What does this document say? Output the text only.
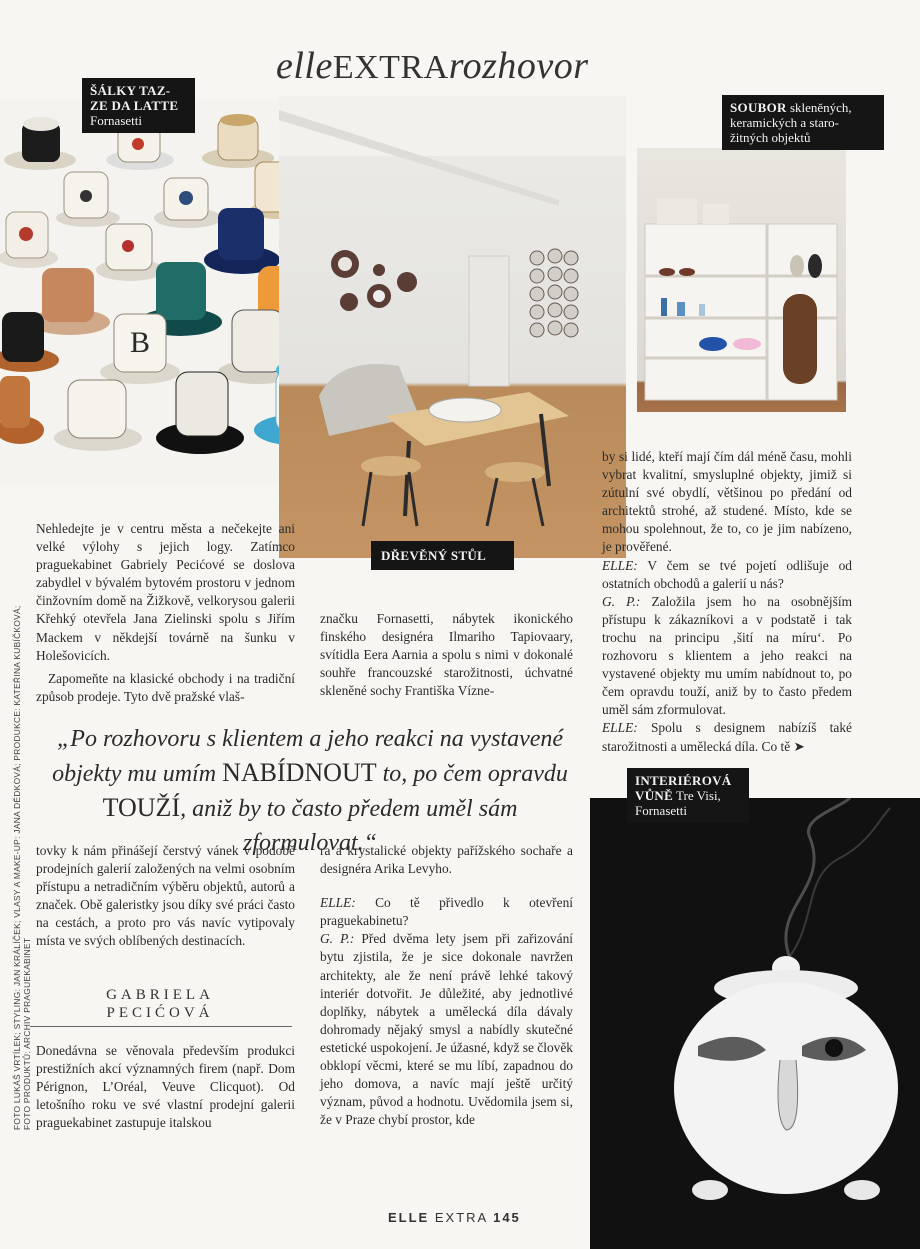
elleEXTRArozhovor
B
ŠÁLKY TAZ-
ZE DA LATTE
Fornasetti
SOUBOR skleněných,
keramických a staro-
žitných objektů
DŘEVĚNÝ STŮL
INTERIÉROVÁ
VŮNĚ Tre Visi,
Fornasetti

Nehledejte je v centru města a nečekejte ani velké výlohy s jejich logy. Zatímco praguekabinet Gabriely Pecićové se doslova zabydlel v bývalém bytovém prostoru v jednom činžovním domě na Žižkově, velkorysou galerii Křehký otevřela Jana Zielinski spolu s Jiřím Mackem v někdejší továrně na šunku v Holešovicích.

Zapomeňte na klasické obchody i na tradiční způsob prodeje. Tyto dvě pražské vlaš-

značku Fornasetti, nábytek ikonického finského designéra Ilmariho Tapiovaary, svítidla Eera Aarnia a spolu s nimi v dokonalé souhře francouzské starožitnosti, úchvatné skleněné sochy Františka Vízne-

by si lidé, kteří mají čím dál méně času, mohli vybrat kvalitní, smysluplné objekty, jimiž si zútulní své obydlí, většinou po předání od architektů strohé, až studené. Místo, kde se mohou spolehnout, že to, co je jim nabízeno, je prověřené.

ELLE: V čem se tvé pojetí odlišuje od ostatních obchodů a galerií u nás?

G. P.: Založila jsem ho na osobnějším přístupu k zákazníkovi a v podstatě i tak trochu na principu ‚šití na míru‘. Po rozhovoru s klientem a jeho reakci na vystavené objekty mu umím nabídnout to, po čem opravdu touží, aniž by to často předem uměl sám zformulovat.

ELLE: Spolu s designem nabízíš také starožitnosti a umělecká díla. Co tě ➤

„Po rozhovoru s klientem a jeho reakci na vystavené
objekty mu umím NABÍDNOUT to, po čem opravdu
TOUŽÍ, aniž by to často předem uměl sám zformulovat.“

tovky k nám přinášejí čerstvý vánek v podobě prodejních galerií založených na velmi osobním přístupu a netradičním výběru objektů, autorů a značek. Obě galeristky jsou díky své práci často na cestách, a proto pro vás navíc vytipovaly místa ve svých oblíbených destinacích.

GABRIELA
PECIĆOVÁ

Donedávna se věnovala především produkci prestižních akcí významných firem (např. Dom Pérignon, L’Oréal, Veuve Clicquot). Od letošního roku ve své vlastní prodejní galerii praguekabinet zastupuje italskou

ra a krystalické objekty pařížského sochaře a designéra Arika Levyho.

ELLE: Co tě přivedlo k otevření praguekabinetu?

G. P.: Před dvěma lety jsem při zařizování bytu zjistila, že je sice dokonale navržen architekty, ale že není právě lehké takový interiér dotvořit. Je důležité, aby jednotlivé doplňky, nábytek a umělecká díla dávaly dohromady nějaký smysl a nabídly skutečné estetické uspokojení. Je úžasné, když se člověk obklopí věcmi, které se mu líbí, zapadnou do jeho domova, a navíc mají ještě určitý význam, původ a hodnotu. Uvědomila jsem si, že v Praze chybí prostor, kde

FOTO LUKÁŠ VRTÍLEK; STYLING: JAN KRÁLÍČEK; VLASY A MAKE-UP: JANA DĚDKOVÁ; PRODUKCE: KATEŘINA KUBÍČKOVÁ;
FOTO PRODUKTŮ: ARCHIV PRAGUEKABINET
ELLE EXTRA 145
